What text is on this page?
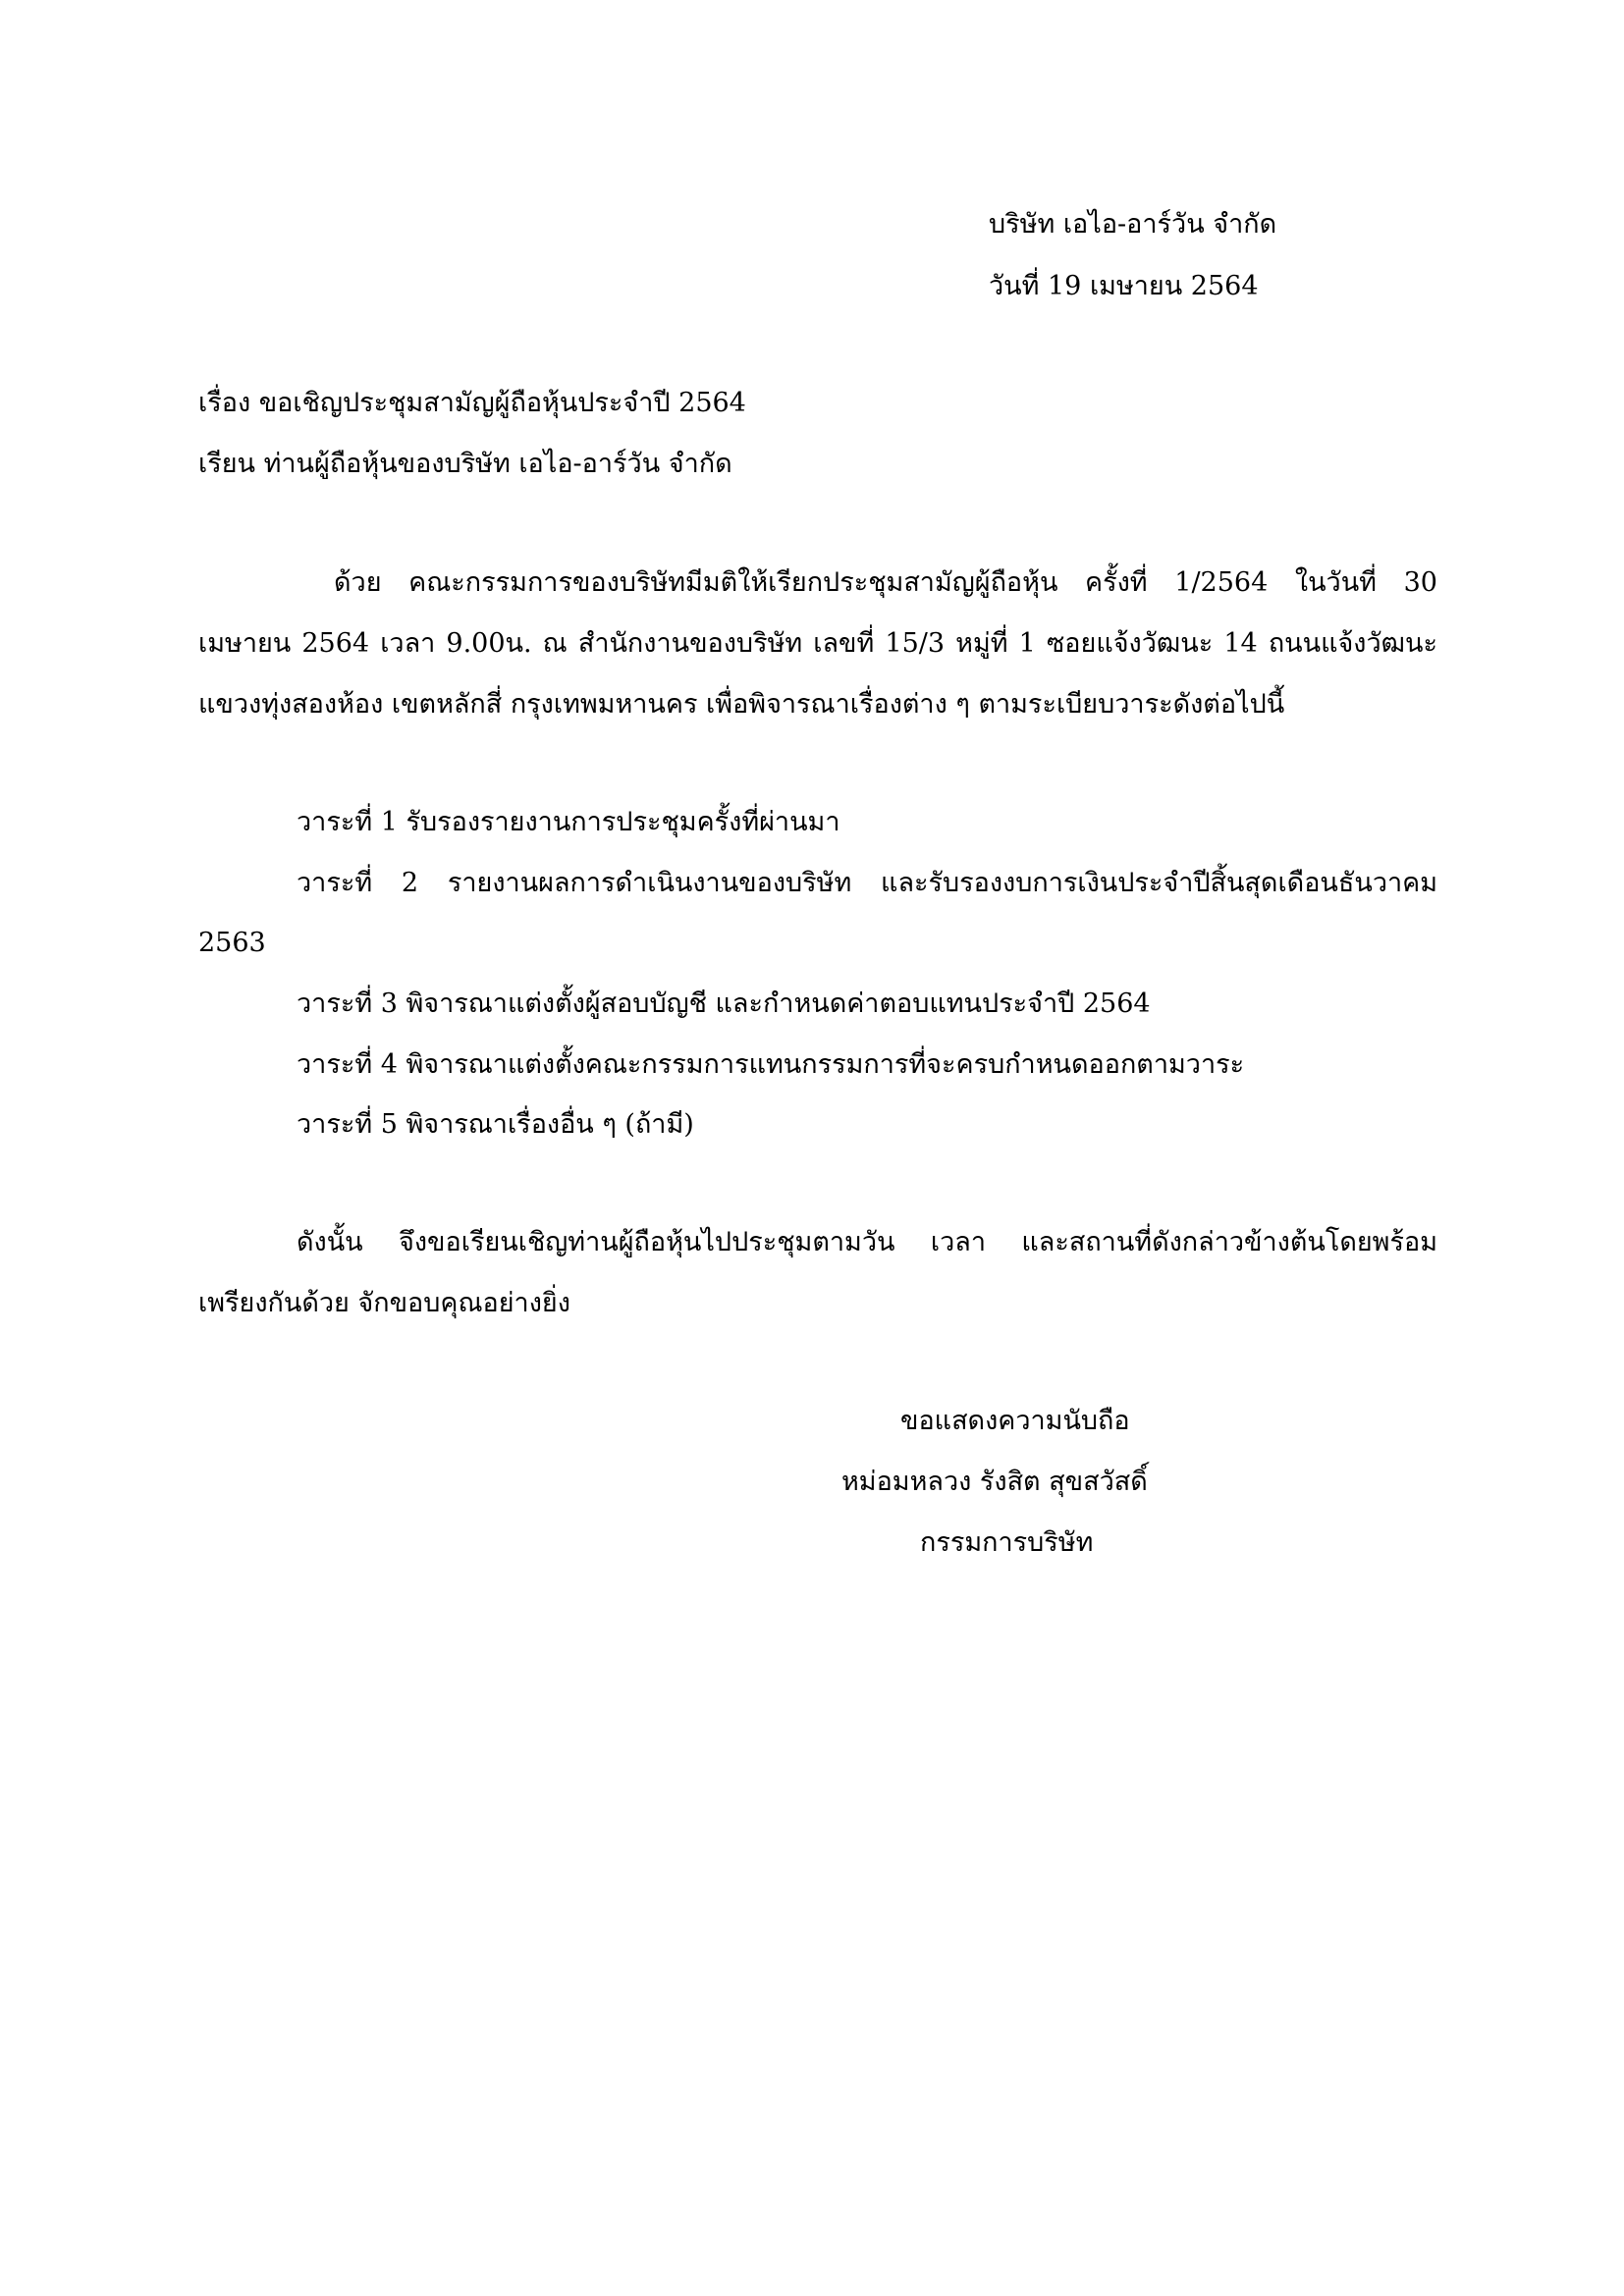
บริษัท เอไอ-อาร์วัน จำกัด
วันที่ 19 เมษายน 2564
เรื่อง ขอเชิญประชุมสามัญผู้ถือหุ้นประจำปี 2564
เรียน ท่านผู้ถือหุ้นของบริษัท เอไอ-อาร์วัน จำกัด
ด้วย คณะกรรมการของบริษัทมีมติให้เรียกประชุมสามัญผู้ถือหุ้น ครั้งที่ 1/2564 ในวันที่ 30
เมษายน 2564 เวลา 9.00น. ณ สำนักงานของบริษัท เลขที่ 15/3 หมู่ที่ 1 ซอยแจ้งวัฒนะ 14 ถนนแจ้งวัฒนะ
แขวงทุ่งสองห้อง เขตหลักสี่ กรุงเทพมหานคร เพื่อพิจารณาเรื่องต่าง ๆ ตามระเบียบวาระดังต่อไปนี้
วาระที่ 1 รับรองรายงานการประชุมครั้งที่ผ่านมา
วาระที่ 2 รายงานผลการดำเนินงานของบริษัท และรับรองงบการเงินประจำปีสิ้นสุดเดือนธันวาคม
2563
วาระที่ 3 พิจารณาแต่งตั้งผู้สอบบัญชี และกำหนดค่าตอบแทนประจำปี 2564
วาระที่ 4 พิจารณาแต่งตั้งคณะกรรมการแทนกรรมการที่จะครบกำหนดออกตามวาระ
วาระที่ 5 พิจารณาเรื่องอื่น ๆ (ถ้ามี)
ดังนั้น จึงขอเรียนเชิญท่านผู้ถือหุ้นไปประชุมตามวัน เวลา และสถานที่ดังกล่าวข้างต้นโดยพร้อม
เพรียงกันด้วย จักขอบคุณอย่างยิ่ง
ขอแสดงความนับถือ
หม่อมหลวง รังสิต สุขสวัสดิ์
กรรมการบริษัท
